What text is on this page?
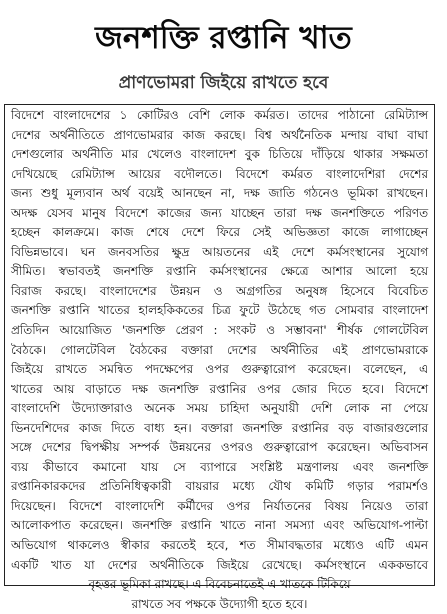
জনশক্তি রপ্তানি খাত
প্রাণভোমরা জিইয়ে রাখতে হবে
বিদেশে বাংলাদেশের ১ কোটিরও বেশি লোক কর্মরত। তাদের পাঠানো রেমিট্যান্স
দেশের অর্থনীতিতে প্রাণভোমরার কাজ করছে। বিশ্ব অর্থনৈতিক মন্দায় বাঘা বাঘা
দেশগুলোর অর্থনীতি মার খেলেও বাংলাদেশ বুক চিতিয়ে দাঁড়িয়ে থাকার সক্ষমতা
দেখিয়েছে রেমিট্যান্স আয়ের বদৌলতে। বিদেশে কর্মরত বাংলাদেশিরা দেশের
জন্য শুধু মূল্যবান অর্থ বয়েই আনছেন না, দক্ষ জাতি গঠনেও ভূমিকা রাখছেন।
অদক্ষ যেসব মানুষ বিদেশে কাজের জন্য যাচ্ছেন তারা দক্ষ জনশক্তিতে পরিণত
হচ্ছেন কালক্রমে। কাজ শেষে দেশে ফিরে সেই অভিজ্ঞতা কাজে লাগাচ্ছেন
বিভিন্নভাবে। ঘন জনবসতির ক্ষুদ্র আয়তনের এই দেশে কর্মসংস্থানের সুযোগ
সীমিত। স্বভাবতই জনশক্তি রপ্তানি কর্মসংস্থানের ক্ষেত্রে আশার আলো হয়ে
বিরাজ করছে। বাংলাদেশের উন্নয়ন ও অগ্রগতির অনুষঙ্গ হিসেবে বিবেচিত
জনশক্তি রপ্তানি খাতের হালহকিকতের চিত্র ফুটে উঠেছে গত সোমবার বাংলাদেশ
প্রতিদিন আয়োজিত 'জনশক্তি প্রেরণ : সংকট ও সম্ভাবনা' শীর্ষক গোলটেবিল
বৈঠকে। গোলটেবিল বৈঠকের বক্তারা দেশের অর্থনীতির এই প্রাণভোমরাকে
জিইয়ে রাখতে সমন্বিত পদক্ষেপের ওপর গুরুত্বারোপ করেছেন। বলেছেন, এ
খাতের আয় বাড়াতে দক্ষ জনশক্তি রপ্তানির ওপর জোর দিতে হবে। বিদেশে
বাংলাদেশি উদ্যোক্তারাও অনেক সময় চাহিদা অনুযায়ী দেশি লোক না পেয়ে
ভিনদেশিদের কাজ দিতে বাধ্য হন। বক্তারা জনশক্তি রপ্তানির বড় বাজারগুলোর
সঙ্গে দেশের দ্বিপক্ষীয় সম্পর্ক উন্নয়নের ওপরও গুরুত্বারোপ করেছেন। অভিবাসন
ব্যয় কীভাবে কমানো যায় সে ব্যাপারে সংশ্লিষ্ট মন্ত্রণালয় এবং জনশক্তি
রপ্তানিকারকদের প্রতিনিধিত্বকারী বায়রার মধ্যে যৌথ কমিটি গড়ার পরামর্শও
দিয়েছেন। বিদেশে বাংলাদেশি কর্মীদের ওপর নির্যাতনের বিষয় নিয়েও তারা
আলোকপাত করেছেন। জনশক্তি রপ্তানি খাতে নানা সমস্যা এবং অভিযোগ-পাল্টা
অভিযোগ থাকলেও স্বীকার করতেই হবে, শত সীমাবদ্ধতার মধ্যেও এটি এমন
একটি খাত যা দেশের অর্থনীতিকে জিইয়ে রেখেছে। কর্মসংস্থানে এককভাবে
বৃহত্তর ভূমিকা রাখছে। এ বিবেচনাতেই এ খাতকে টিকিয়ে
রাখতে সব পক্ষকে উদ্যোগী হতে হবে।
